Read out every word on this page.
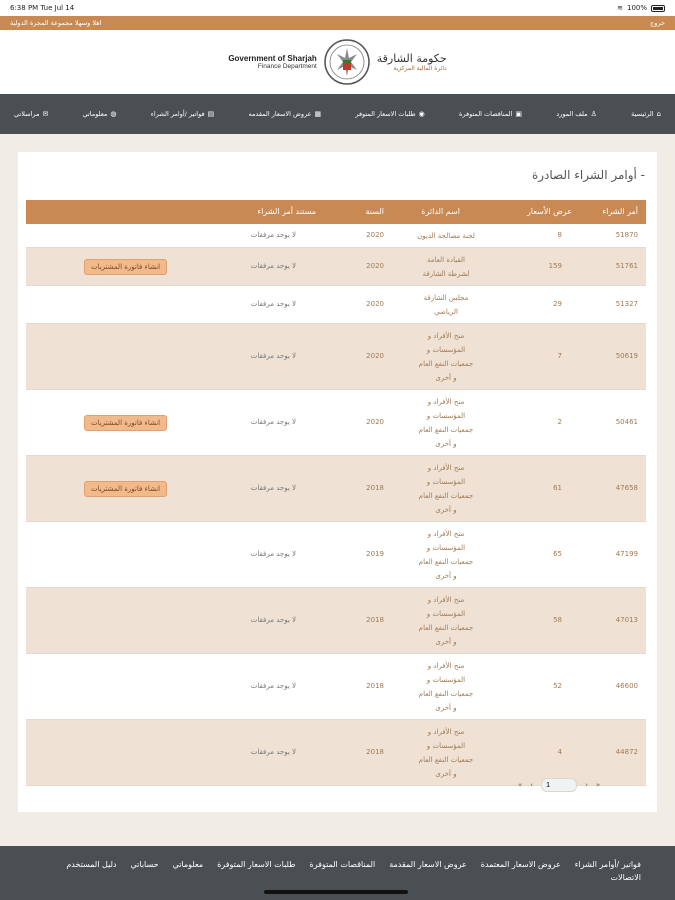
6:38 PM Tue Jul 14	≋ 100%
خروج
اهلا وسهلا مجموعة المجرة الدولية
Government of Sharjah
Finance Department
حكومة الشارقة
دائرة المالية المركزية
⌂
الرئيسية
♙
ملف المورد
▣
المناقصات المتوفرة
◉
طلبات الاسعار المتوفر
▦
عروض الاسعار المقدمه
▤
فواتير /أوامر الشراء
◍
معلوماتي
✉
مراسلاتي
- أوامر الشراء الصادرة
أمر الشراء
عرض الأسعار
اسم الدائرة
السنة
مستند أمر الشراء
51870
8
لجنة مصالحة الديون
2020
لا يوجد مرفقات
51761
159
القيادة العامة
لشرطة الشارقة
2020
لا يوجد مرفقات
انشاء فاتورة المشتريات
51327
29
مجلس الشارقة
الرياضي
2020
لا يوجد مرفقات
50619
7
منح الأفراد و
المؤسسات و
جمعيات النفع العام
و أخرى
2020
لا يوجد مرفقات
50461
2
منح الأفراد و
المؤسسات و
جمعيات النفع العام
و أخرى
2020
لا يوجد مرفقات
انشاء فاتورة المشتريات
47658
61
منح الأفراد و
المؤسسات و
جمعيات النفع العام
و أخرى
2018
لا يوجد مرفقات
انشاء فاتورة المشتريات
47199
65
منح الأفراد و
المؤسسات و
جمعيات النفع العام
و أخرى
2019
لا يوجد مرفقات
47013
58
منح الأفراد و
المؤسسات و
جمعيات النفع العام
و أخرى
2018
لا يوجد مرفقات
46600
52
منح الأفراد و
المؤسسات و
جمعيات النفع العام
و أخرى
2018
لا يوجد مرفقات
44872
4
منح الأفراد و
المؤسسات و
جمعيات النفع العام
و أخرى
2018
لا يوجد مرفقات
« ‹
1	› »
فواتير /أوامر الشراء
عروض الاسعار المعتمدة
عروض الاسعار المقدمة
المناقصات المتوفرة
طلبات الاسعار المتوفرة
معلوماتي
حساباتي
دليل المستخدم
الاتصالات
